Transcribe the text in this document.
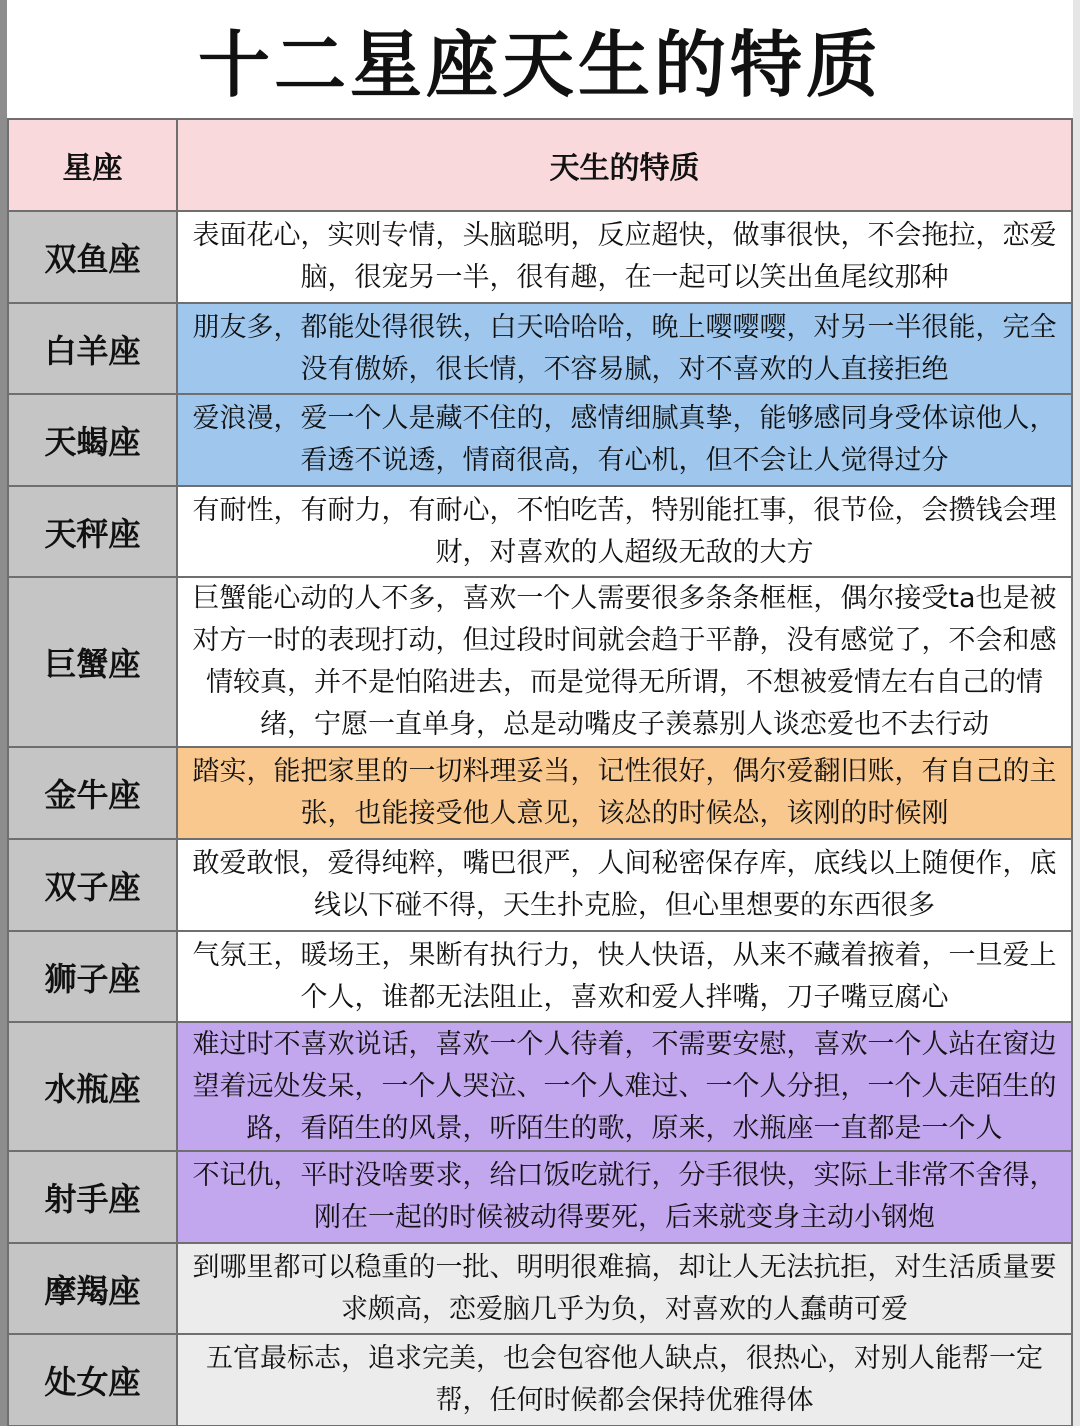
十二星座天生的特质
星座	天生的特质
双鱼座	表面花心，实则专情，头脑聪明，反应超快，做事很快，不会拖拉，恋爱脑，很宠另一半，很有趣，在一起可以笑出鱼尾纹那种
白羊座	朋友多，都能处得很铁，白天哈哈哈，晚上嘤嘤嘤，对另一半很能，完全没有傲娇，很长情，不容易腻，对不喜欢的人直接拒绝
天蝎座	爱浪漫，爱一个人是藏不住的，感情细腻真挚，能够感同身受体谅他人，看透不说透，情商很高，有心机，但不会让人觉得过分
天秤座	有耐性，有耐力，有耐心，不怕吃苦，特别能扛事，很节俭，会攒钱会理财，对喜欢的人超级无敌的大方
巨蟹座	巨蟹能心动的人不多，喜欢一个人需要很多条条框框，偶尔接受ta也是被对方一时的表现打动，但过段时间就会趋于平静，没有感觉了，不会和感情较真，并不是怕陷进去，而是觉得无所谓，不想被爱情左右自己的情绪，宁愿一直单身，总是动嘴皮子羡慕别人谈恋爱也不去行动
金牛座	踏实，能把家里的一切料理妥当，记性很好，偶尔爱翻旧账，有自己的主张，也能接受他人意见，该怂的时候怂，该刚的时候刚
双子座	敢爱敢恨，爱得纯粹，嘴巴很严，人间秘密保存库，底线以上随便作，底线以下碰不得，天生扑克脸，但心里想要的东西很多
狮子座	气氛王，暖场王，果断有执行力，快人快语，从来不藏着掖着，一旦爱上个人，谁都无法阻止，喜欢和爱人拌嘴，刀子嘴豆腐心
水瓶座	难过时不喜欢说话，喜欢一个人待着，不需要安慰，喜欢一个人站在窗边望着远处发呆，一个人哭泣、一个人难过、一个人分担，一个人走陌生的路，看陌生的风景，听陌生的歌，原来，水瓶座一直都是一个人
射手座	不记仇，平时没啥要求，给口饭吃就行，分手很快，实际上非常不舍得，刚在一起的时候被动得要死，后来就变身主动小钢炮
摩羯座	到哪里都可以稳重的一批、明明很难搞，却让人无法抗拒，对生活质量要求颇高，恋爱脑几乎为负，对喜欢的人蠢萌可爱
处女座	五官最标志，追求完美，也会包容他人缺点，很热心，对别人能帮一定帮，任何时候都会保持优雅得体
